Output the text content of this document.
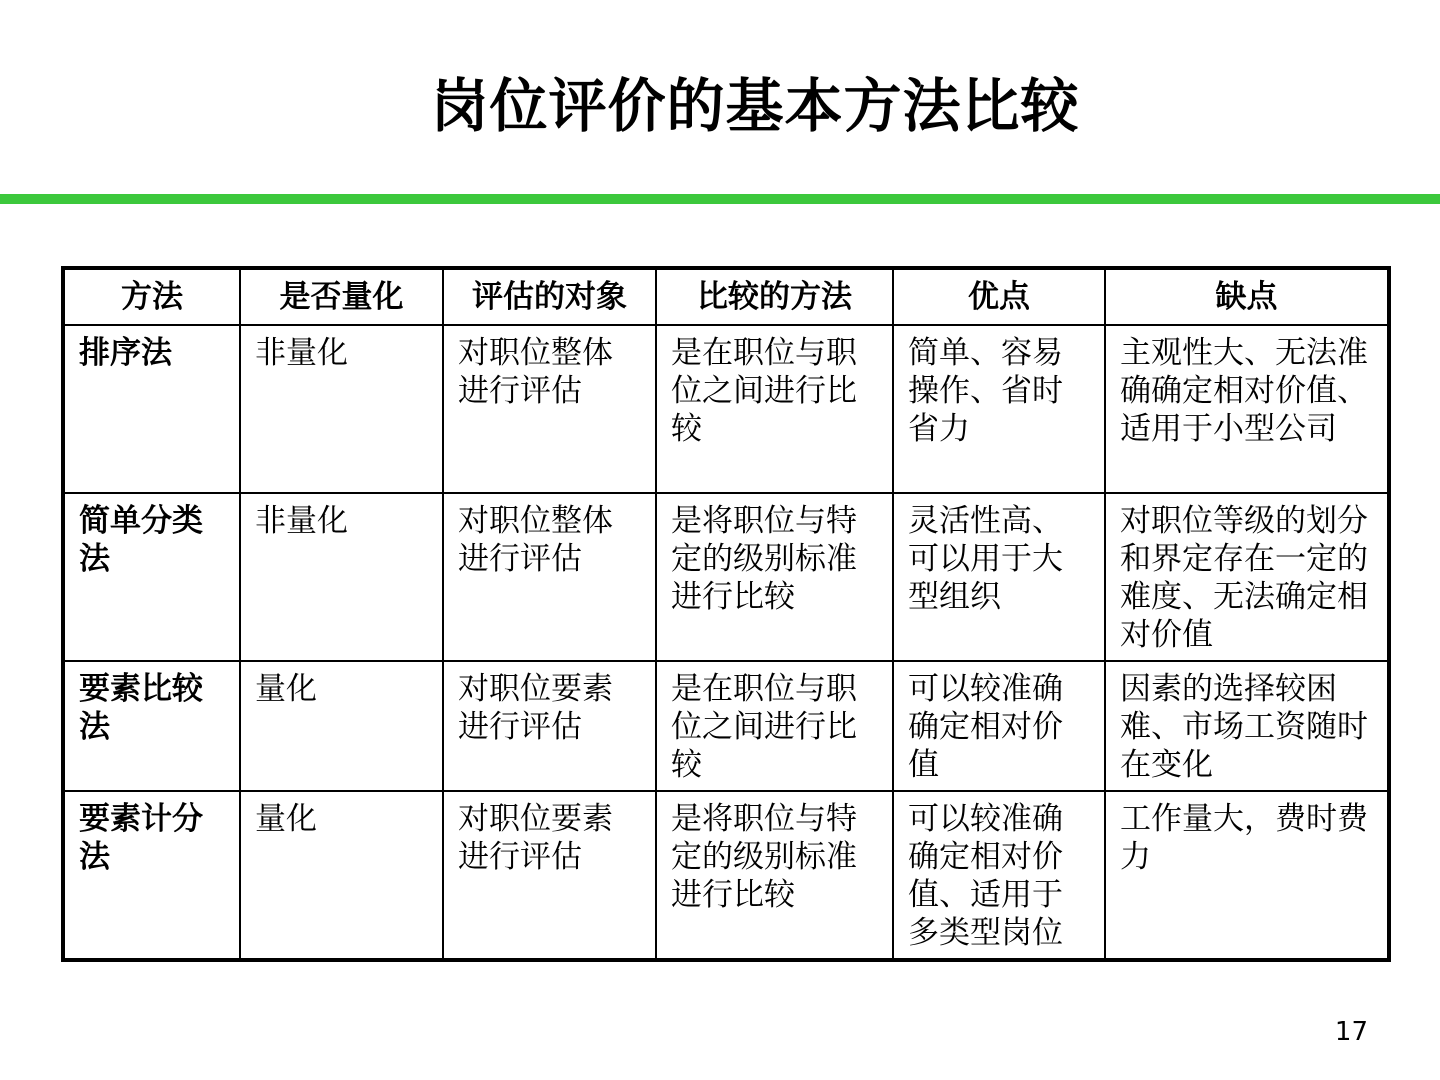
岗位评价的基本方法比较
方法	是否量化	评估的对象	比较的方法	优点	缺点
排序法	非量化	对职位整体进行评估	是在职位与职位之间进行比较	简单、容易操作、省时省力	主观性大、无法准确确定相对价值、适用于小型公司
简单分类法	非量化	对职位整体进行评估	是将职位与特定的级别标准进行比较	灵活性高、可以用于大型组织	对职位等级的划分和界定存在一定的难度、无法确定相对价值
要素比较法	量化	对职位要素进行评估	是在职位与职位之间进行比较	可以较准确确定相对价值	因素的选择较困难、市场工资随时在变化
要素计分法	量化	对职位要素进行评估	是将职位与特定的级别标准进行比较	可以较准确确定相对价值、适用于多类型岗位	工作量大，费时费力
17
